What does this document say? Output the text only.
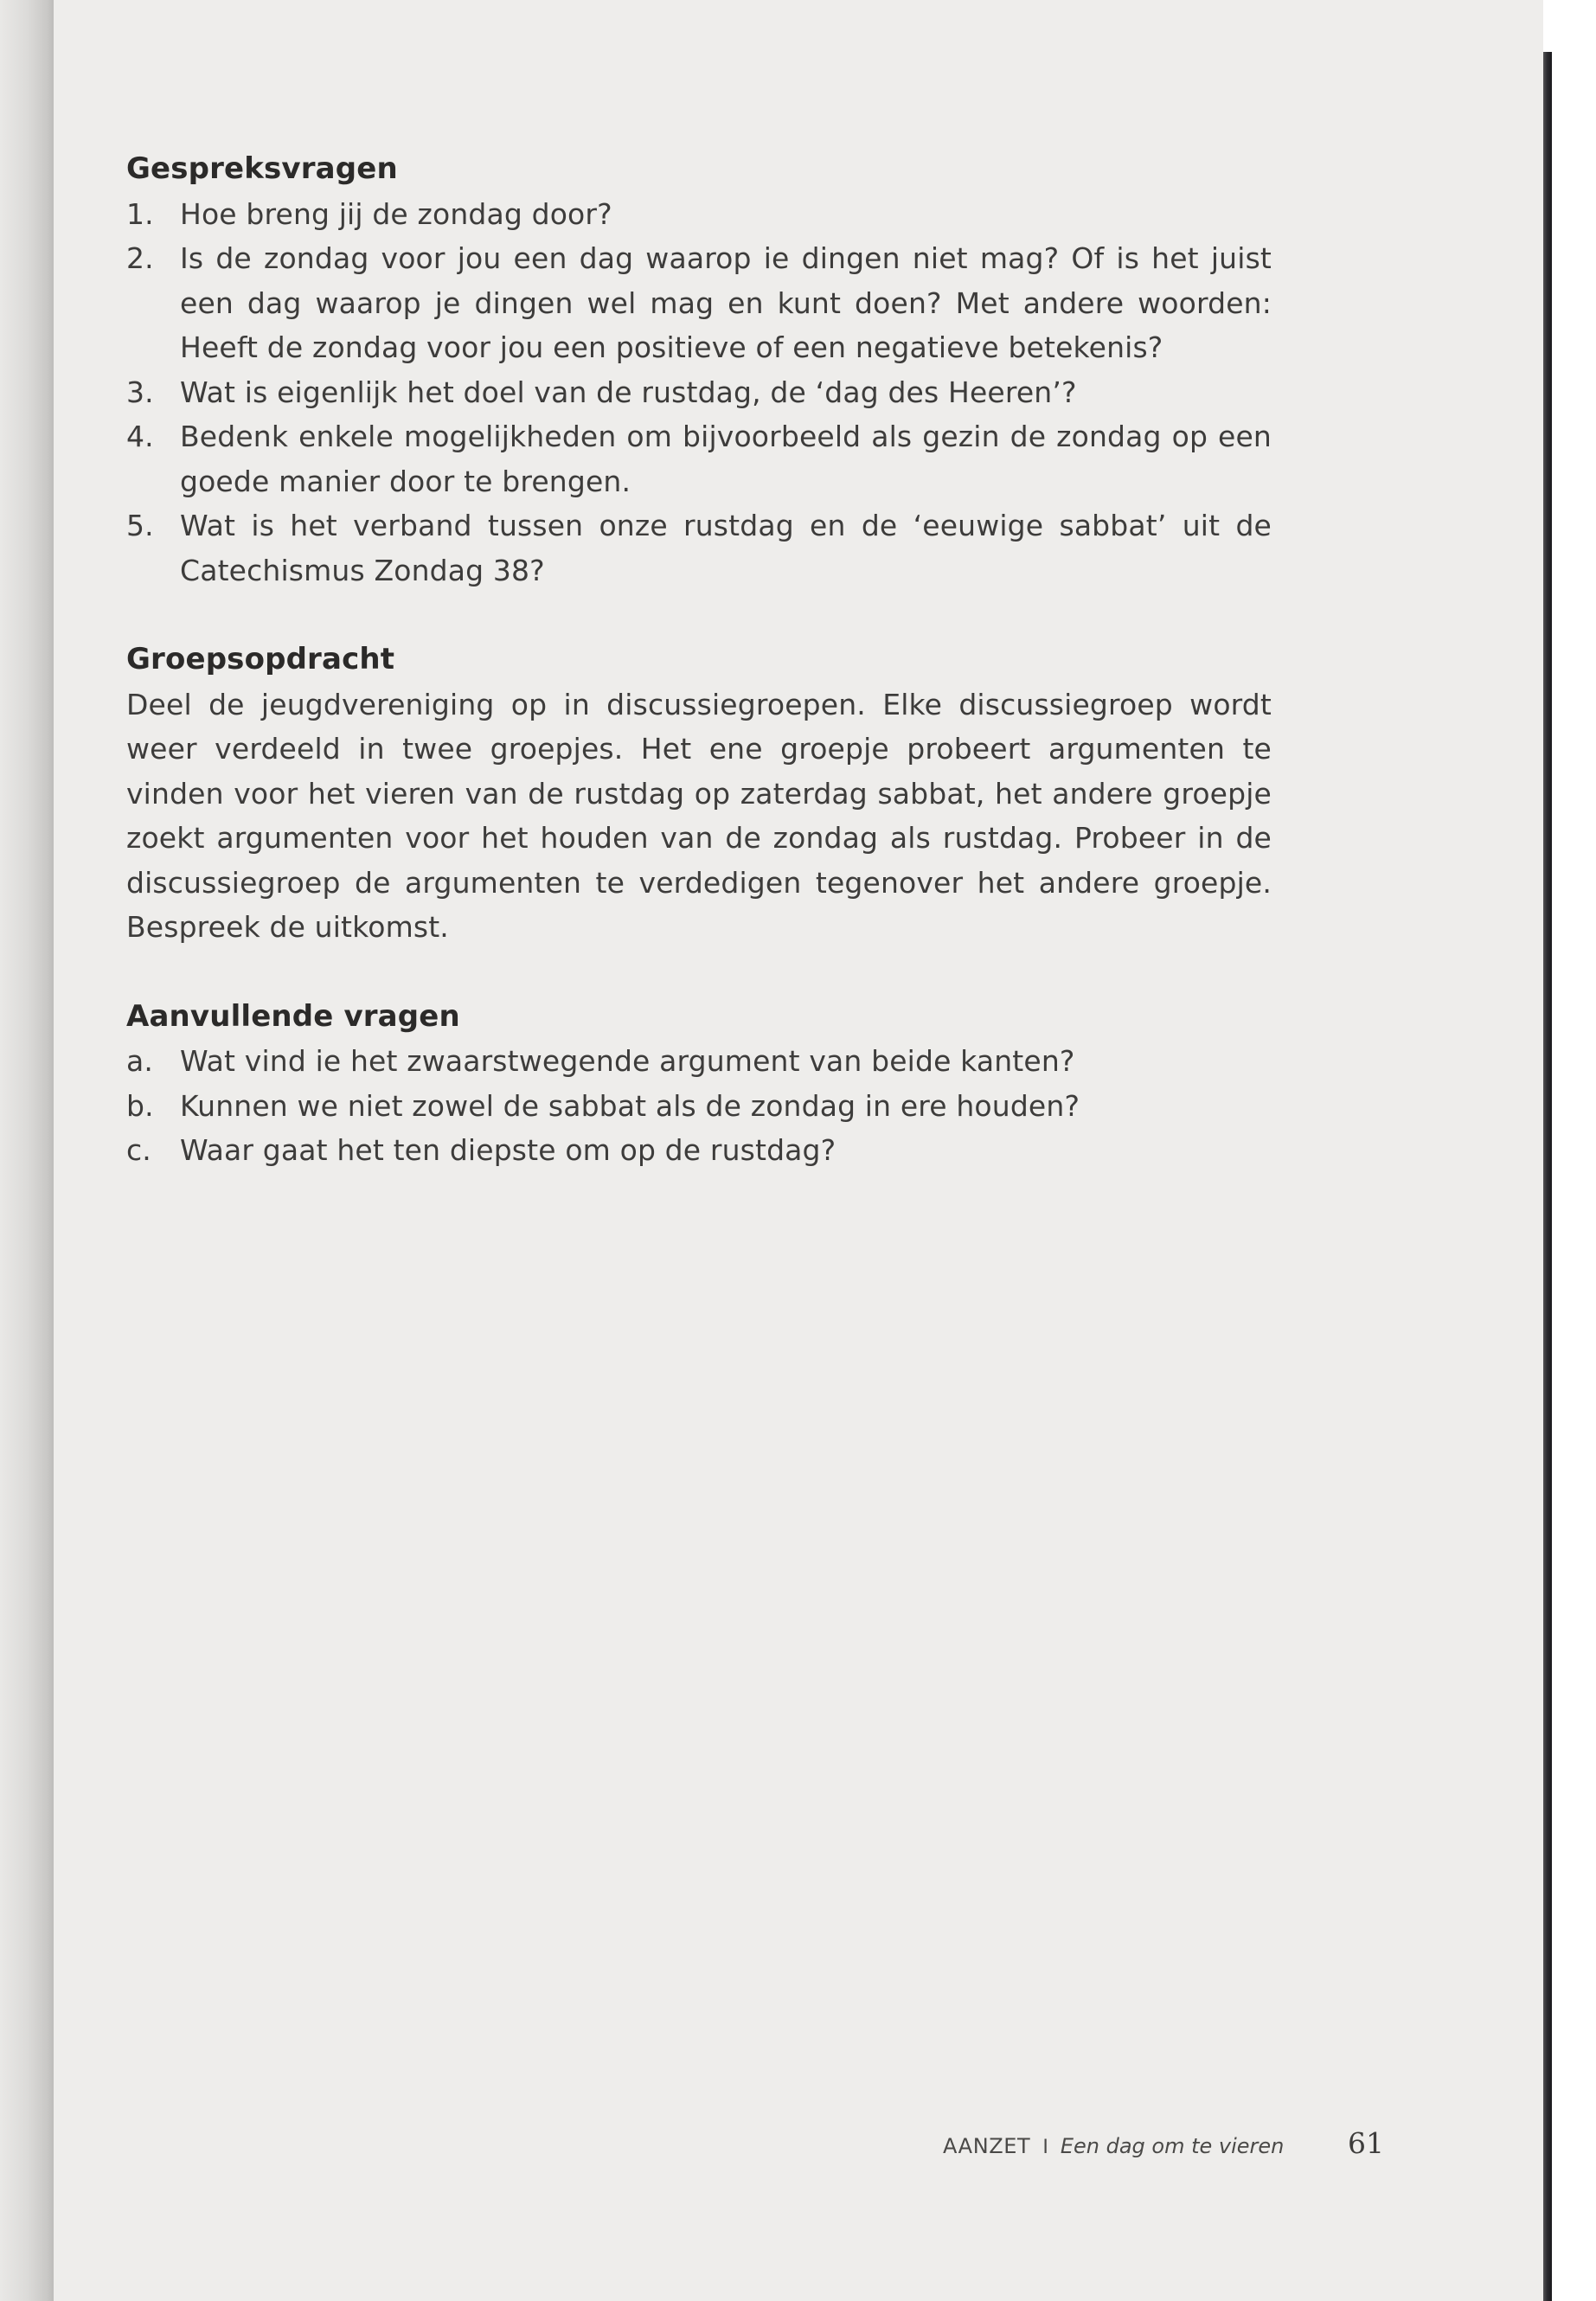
Gespreksvragen
1. Hoe breng jij de zondag door?
2. Is de zondag voor jou een dag waarop ie dingen niet mag? Of is het juist een dag waarop je dingen wel mag en kunt doen? Met andere woorden: Heeft de zondag voor jou een positieve of een negatieve betekenis?
3. Wat is eigenlijk het doel van de rustdag, de ‘dag des Heeren’?
4. Bedenk enkele mogelijkheden om bijvoorbeeld als gezin de zondag op een goede manier door te brengen.
5. Wat is het verband tussen onze rustdag en de ‘eeuwige sabbat’ uit de Catechismus Zondag 38?
Groepsopdracht

Deel de jeugdvereniging op in discussiegroepen. Elke discussiegroep wordt weer verdeeld in twee groepjes. Het ene groepje probeert argumenten te vinden voor het vieren van de rustdag op zaterdag sabbat, het andere groepje zoekt argumenten voor het houden van de zondag als rustdag. Probeer in de discussiegroep de argumenten te verdedigen tegenover het andere groepje. Bespreek de uitkomst.

Aanvullende vragen
a. Wat vind ie het zwaarstwegende argument van beide kanten?
b. Kunnen we niet zowel de sabbat als de zondag in ere houden?
c.	Waar gaat het ten diepste om op de rustdag?
AANZET I Een dag om te vieren 61
